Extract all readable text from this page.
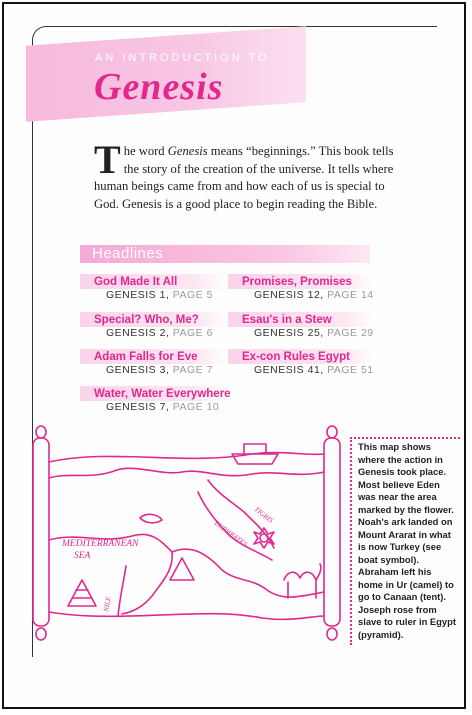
AN INTRODUCTION TO
Genesis
The word Genesis means “beginnings.” This book tells the story of the creation of the universe. It tells where human beings came from and how each of us is special to God. Genesis is a good place to begin reading the Bible.
Headlines
God Made It All
GENESIS 1, PAGE 5
Special? Who, Me?
GENESIS 2, PAGE 6
Adam Falls for Eve
GENESIS 3, PAGE 7
Water, Water Everywhere
GENESIS 7, PAGE 10
Promises, Promises
GENESIS 12, PAGE 14
Esau's in a Stew
GENESIS 25, PAGE 29
Ex-con Rules Egypt
GENESIS 41, PAGE 51
MEDITERRANEAN
SEA
TIGRIS
EUPHRATES
NILE
This map shows where the action in Genesis took place. Most believe Eden was near the area marked by the flower. Noah's ark landed on Mount Ararat in what is now Turkey (see boat symbol). Abraham left his home in Ur (camel) to go to Canaan (tent). Joseph rose from slave to ruler in Egypt (pyramid).
